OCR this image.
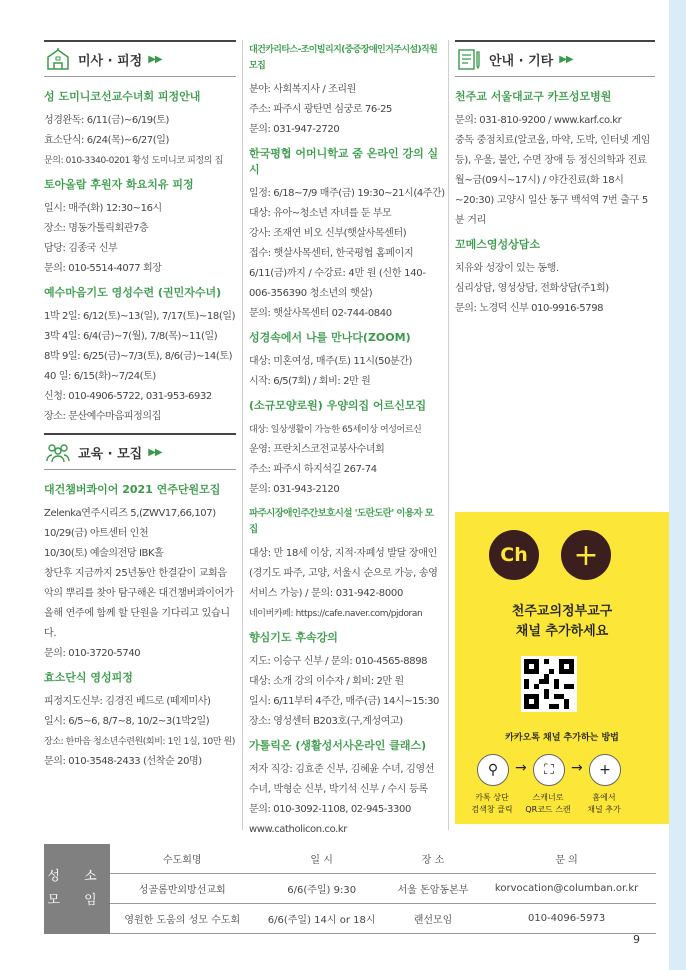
미사 · 피정 ▶▶
성 도미니코선교수녀회 피정안내
성경완독: 6/11(금)~6/19(토)
효소단식: 6/24(목)~6/27(일)
문의: 010-3340-0201 황성 도미니코 피정의 집
토아올람 후원자 화요치유 피정
일시: 매주(화) 12:30~16시
장소: 명동가톨릭회관7층
담당: 김종국 신부
문의: 010-5514-4077 회장
예수마음기도 영성수련 (권민자수녀)
1박 2일: 6/12(토)~13(일), 7/17(토)~18(일)
3박 4일: 6/4(금)~7(월), 7/8(목)~11(일)
8박 9일: 6/25(금)~7/3(토), 8/6(금)~14(토)
40 일: 6/15(화)~7/24(토)
신청: 010-4906-5722, 031-953-6932
장소: 문산예수마음피정의집
교육 · 모집 ▶▶
대건챔버콰이어 2021 연주단원모집
Zelenka연주시리즈 5,(ZWV17,66,107)
10/29(금) 아트센터 인천
10/30(토) 예술의전당 IBK홀
창단후 지금까지 25년동안 한결같이 교회음악의 뿌리를 찾아 탐구해온 대건챔버콰이어가 올해 연주에 함께 할 단원을 기다리고 있습니다.
문의: 010-3720-5740
효소단식 영성피정
피정지도신부: 김경진 베드로 (떼제미사)
일시: 6/5~6, 8/7~8, 10/2~3(1박2일)
장소: 한마음 청소년수련원(회비: 1인 1실, 10만 원)
문의: 010-3548-2433 (선착순 20명)
대건카리타스-조이빌리지(중증장애인거주시설)직원모집
분야: 사회복지사 / 조리원
주소: 파주시 광탄면 심궁로 76-25
문의: 031-947-2720
한국평협 어머니학교 줌 온라인 강의 실시
일정: 6/18~7/9 매주(금) 19:30~21시(4주간)
대상: 유아~청소년 자녀를 둔 부모
강사: 조재연 비오 신부(햇살사목센터)
접수: 햇살사목센터, 한국평협 홈페이지 6/11(금)까지 / 수강료: 4만 원 (신한 140-006-356390 청소년의 햇살)
문의: 햇살사목센터 02-744-0840
성경속에서 나를 만나다(ZOOM)
대상: 미혼여성, 매주(토) 11시(50분간)
시작: 6/5(7회) / 회비: 2만 원
(소규모양로원) 우양의집 어르신모집
대상: 일상생활이 가능한 65세이상 여성어르신
운영: 프란치스코전교봉사수녀회
주소: 파주시 하지석길 267-74
문의: 031-943-2120
파주시장애인주간보호시설 '도란도란' 이용자 모집
대상: 만 18세 이상, 지적·자폐성 발달 장애인(경기도 파주, 고양, 서울시 순으로 가능, 송영서비스 가능) / 문의: 031-942-8000
네이버카페: https://cafe.naver.com/pjdoran
향심기도 후속강의
지도: 이승구 신부 / 문의: 010-4565-8898
대상: 소개 강의 이수자 / 회비: 2만 원
일시: 6/11부터 4주간, 매주(금) 14시~15:30
장소: 영성센터 B203호(구,계성여고)
가톨릭온 (생활성서사온라인 클래스)
저자 직강: 김효준 신부, 김혜윤 수녀, 김영선 수녀, 박형순 신부, 박기석 신부 / 수시 등록
문의: 010-3092-1108, 02-945-3300
www.catholicon.co.kr
안내 · 기타 ▶▶
천주교 서울대교구 카프성모병원
문의: 031-810-9200 / www.karf.co.kr
중독 중점치료(알코올, 마약, 도박, 인터넷 게임 등), 우울, 불안, 수면 장애 등 정신의학과 진료 월~금(09시~17시) / 야간진료(화 18시~20:30) 고양시 일산 동구 백석역 7번 출구 5분 거리
꼬메스영성상담소
치유와 성장이 있는 동행.
심리상담, 영성상담, 전화상담(주1회)
문의: 노경덕 신부 010-9916-5798
Ch	+
천주교의정부교구
채널 추가하세요
카카오톡 채널 추가하는 방법
⚲	→	⛶	→	+
카톡 상단
검색창 클릭
스캐너로
QR코드 스캔
홈에서
채널 추가
성 소 모 임	수도회명	일 시	장 소	문 의
	성골롬반외방선교회	6/6(주일) 9:30	서울 돈암동본부	korvocation@columban.or.kr
	영원한 도움의 성모 수도회	6/6(주일) 14시 or 18시	랜선모임	010-4096-5973
9
